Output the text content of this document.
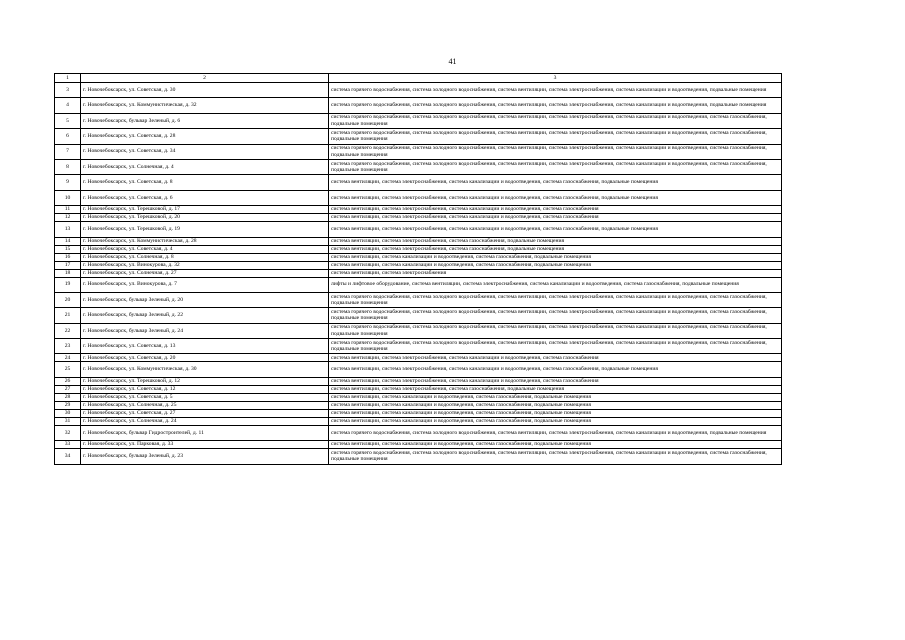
41
1	2	3
3	г. Новочебоксарск, ул. Советская, д. 30	система горячего водоснабжения, система холодного водоснабжения, система вентиляции, система электроснабжения, система канализации и водоотведения, подвальные помещения
4	г. Новочебоксарск, ул. Коммунистическая, д. 32	система горячего водоснабжения, система холодного водоснабжения, система вентиляции, система электроснабжения, система канализации и водоотведения, подвальные помещения
5	г. Новочебоксарск, бульвар Зеленый, д. 6	система горячего водоснабжения, система холодного водоснабжения, система вентиляции, система электроснабжения, система канализации и водоотведения, система газоснабжения, подвальные помещения
6	г. Новочебоксарск, ул. Советская, д. 28	система горячего водоснабжения, система холодного водоснабжения, система вентиляции, система электроснабжения, система канализации и водоотведения, система газоснабжения, подвальные помещения
7	г. Новочебоксарск, ул. Советская, д. 34	система горячего водоснабжения, система холодного водоснабжения, система вентиляции, система электроснабжения, система канализации и водоотведения, система газоснабжения, подвальные помещения
8	г. Новочебоксарск, ул. Солнечная, д. 4	система горячего водоснабжения, система холодного водоснабжения, система вентиляции, система электроснабжения, система канализации и водоотведения, система газоснабжения, подвальные помещения
9	г. Новочебоксарск, ул. Советская, д. 8	система вентиляции, система электроснабжения, система канализации и водоотведения, система газоснабжения, подвальные помещения
10	г. Новочебоксарск, ул. Советская, д. 6	система вентиляции, система электроснабжения, система канализации и водоотведения, система газоснабжения, подвальные помещения
11	г. Новочебоксарск, ул. Терешковой, д. 17	система вентиляции, система электроснабжения, система канализации и водоотведения, система газоснабжения
12	г. Новочебоксарск, ул. Терешковой, д. 20	система вентиляции, система электроснабжения, система канализации и водоотведения, система газоснабжения
13	г. Новочебоксарск, ул. Терешковой, д. 19	система вентиляции, система электроснабжения, система канализации и водоотведения, система газоснабжения, подвальные помещения
14	г. Новочебоксарск, ул. Коммунистическая, д. 28	система вентиляции, система электроснабжения, система газоснабжения, подвальные помещения
15	г. Новочебоксарск, ул. Советская, д. 4	система вентиляции, система электроснабжения, система газоснабжения, подвальные помещения
16	г. Новочебоксарск, ул. Солнечная, д. 8	система вентиляции, система канализации и водоотведения, система газоснабжения, подвальные помещения
17	г. Новочебоксарск, ул. Винокурова, д. 32	система вентиляции, система канализации и водоотведения, система газоснабжения, подвальные помещения
18	г. Новочебоксарск, ул. Солнечная, д. 27	система вентиляции, система электроснабжения
19	г. Новочебоксарск, ул. Винокурова, д. 7	лифты и лифтовое оборудование, система вентиляции, система электроснабжения, система канализации и водоотведения, система газоснабжения, подвальные помещения
20	г. Новочебоксарск, бульвар Зеленый, д. 20	система горячего водоснабжения, система холодного водоснабжения, система вентиляции, система электроснабжения, система канализации и водоотведения, система газоснабжения, подвальные помещения
21	г. Новочебоксарск, бульвар Зеленый, д. 22	система горячего водоснабжения, система холодного водоснабжения, система вентиляции, система электроснабжения, система канализации и водоотведения, система газоснабжения, подвальные помещения
22	г. Новочебоксарск, бульвар Зеленый, д. 24	система горячего водоснабжения, система холодного водоснабжения, система вентиляции, система электроснабжения, система канализации и водоотведения, система газоснабжения, подвальные помещения
23	г. Новочебоксарск, ул. Советская, д. 13	система горячего водоснабжения, система холодного водоснабжения, система вентиляции, система электроснабжения, система канализации и водоотведения, система газоснабжения, подвальные помещения
24	г. Новочебоксарск, ул. Советская, д. 20	система вентиляции, система электроснабжения, система канализации и водоотведения, система газоснабжения
25	г. Новочебоксарск, ул. Коммунистическая, д. 30	система вентиляции, система электроснабжения, система канализации и водоотведения, система газоснабжения, подвальные помещения
26	г. Новочебоксарск, ул. Терешковой, д. 12	система вентиляции, система электроснабжения, система канализации и водоотведения, система газоснабжения
27	г. Новочебоксарск, ул. Советская, д. 12	система вентиляции, система электроснабжения, система газоснабжения, подвальные помещения
28	г. Новочебоксарск, ул. Советская, д. 5	система вентиляции, система канализации и водоотведения, система газоснабжения, подвальные помещения
29	г. Новочебоксарск, ул. Солнечная, д. 25	система вентиляции, система канализации и водоотведения, система газоснабжения, подвальные помещения
30	г. Новочебоксарск, ул. Советская, д. 27	система вентиляции, система канализации и водоотведения, система газоснабжения, подвальные помещения
31	г. Новочебоксарск, ул. Солнечная, д. 24	система вентиляции, система канализации и водоотведения, система газоснабжения, подвальные помещения
32	г. Новочебоксарск, бульвар Гидростроителей, д. 11	система горячего водоснабжения, система холодного водоснабжения, система вентиляции, система электроснабжения, система канализации и водоотведения, подвальные помещения
33	г. Новочебоксарск, ул. Парковая, д. 33	система вентиляции, система канализации и водоотведения, система газоснабжения, подвальные помещения
34	г. Новочебоксарск, бульвар Зеленый, д. 23	система горячего водоснабжения, система холодного водоснабжения, система вентиляции, система электроснабжения, система канализации и водоотведения, система газоснабжения, подвальные помещения
